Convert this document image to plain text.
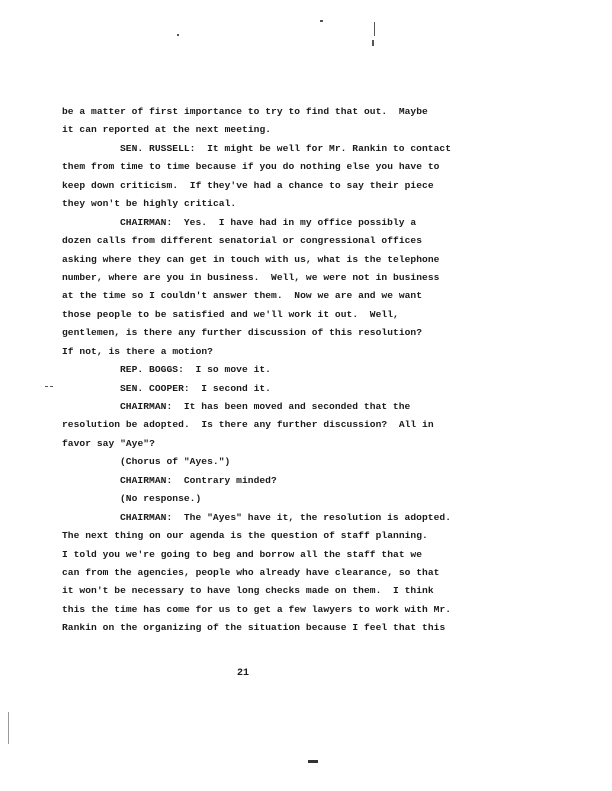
be a matter of first importance to try to find that out.  Maybe
it can reported at the next meeting.
SEN. RUSSELL:  It might be well for Mr. Rankin to contact
them from time to time because if you do nothing else you have to
keep down criticism.  If they've had a chance to say their piece
they won't be highly critical.
CHAIRMAN:  Yes.  I have had in my office possibly a
dozen calls from different senatorial or congressional offices
asking where they can get in touch with us, what is the telephone
number, where are you in business.  Well, we were not in business
at the time so I couldn't answer them.  Now we are and we want
those people to be satisfied and we'll work it out.  Well,
gentlemen, is there any further discussion of this resolution?
If not, is there a motion?
REP. BOGGS:  I so move it.
SEN. COOPER:  I second it.
CHAIRMAN:  It has been moved and seconded that the
resolution be adopted.  Is there any further discussion?  All in
favor say "Aye"?
(Chorus of "Ayes.")
CHAIRMAN:  Contrary minded?
(No response.)
CHAIRMAN:  The "Ayes" have it, the resolution is adopted.
The next thing on our agenda is the question of staff planning.
I told you we're going to beg and borrow all the staff that we
can from the agencies, people who already have clearance, so that
it won't be necessary to have long checks made on them.  I think
this the time has come for us to get a few lawyers to work with Mr.
Rankin on the organizing of the situation because I feel that this
21
